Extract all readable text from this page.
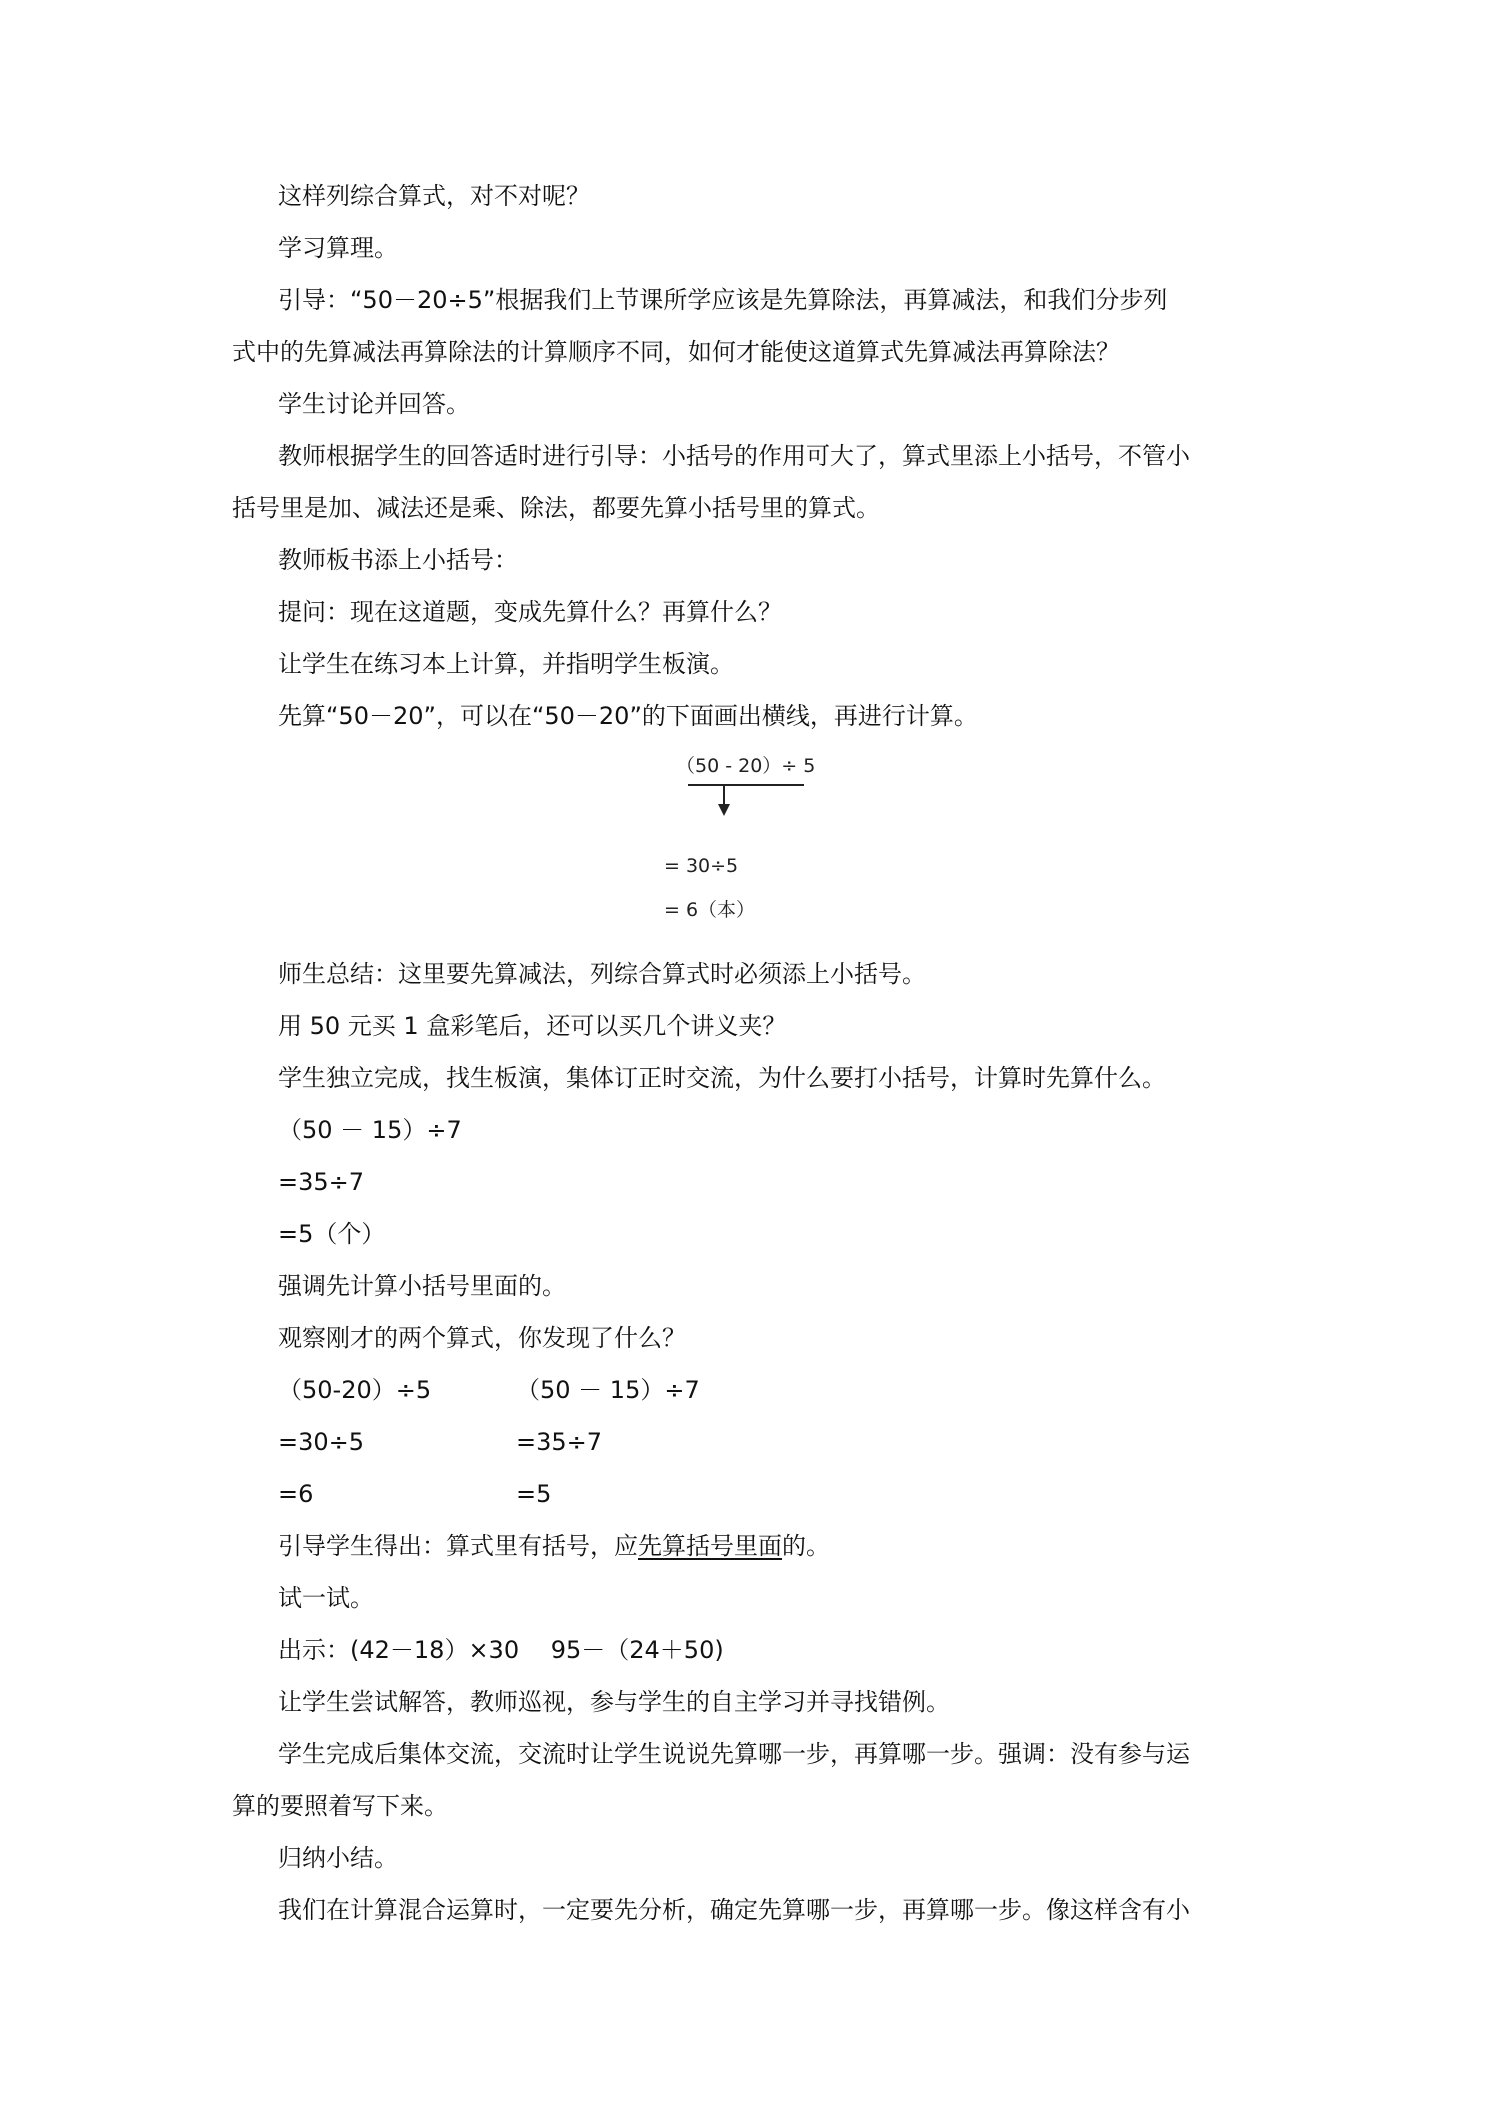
这样列综合算式，对不对呢？

学习算理。

引导：“50－20÷5”根据我们上节课所学应该是先算除法，再算减法，和我们分步列

式中的先算减法再算除法的计算顺序不同，如何才能使这道算式先算减法再算除法？

学生讨论并回答。

教师根据学生的回答适时进行引导：小括号的作用可大了，算式里添上小括号，不管小

括号里是加、减法还是乘、除法，都要先算小括号里的算式。

教师板书添上小括号：

提问：现在这道题，变成先算什么？再算什么？

让学生在练习本上计算，并指明学生板演。

先算“50－20”，可以在“50－20”的下面画出横线，再进行计算。

（50 - 20）÷ 5

= 30÷5

= 6（本）

师生总结：这里要先算减法，列综合算式时必须添上小括号。

用 50 元买 1 盒彩笔后，还可以买几个讲义夹？

学生独立完成，找生板演，集体订正时交流，为什么要打小括号，计算时先算什么。

（50 － 15）÷7

=35÷7

=5（个）

强调先计算小括号里面的。

观察刚才的两个算式，你发现了什么？

（50-20）÷5	（50 － 15）÷7

=30÷5	=35÷7

=6	=5

引导学生得出：算式里有括号，应先算括号里面的。

试一试。

出示：(42－18）×30　 95－（24＋50)

让学生尝试解答，教师巡视，参与学生的自主学习并寻找错例。

学生完成后集体交流，交流时让学生说说先算哪一步，再算哪一步。强调：没有参与运

算的要照着写下来。

归纳小结。

我们在计算混合运算时，一定要先分析，确定先算哪一步，再算哪一步。像这样含有小
